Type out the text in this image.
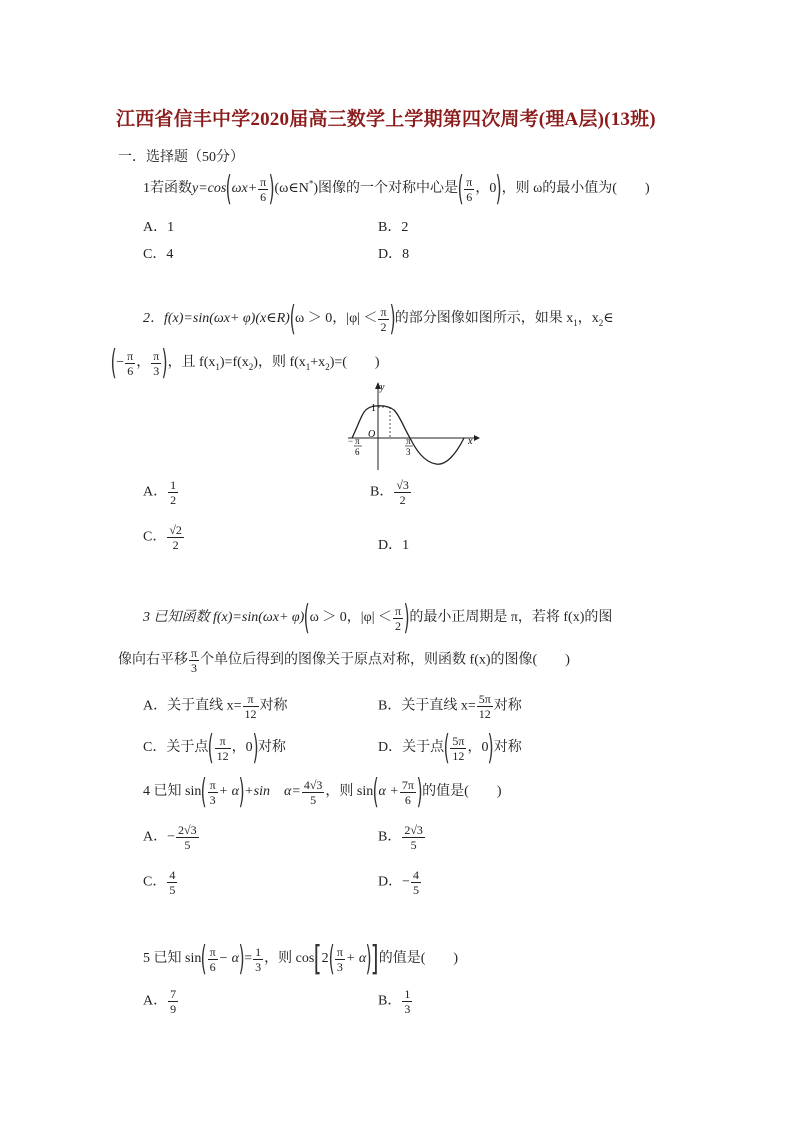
江西省信丰中学2020届高三数学上学期第四次周考(理A层)(13班)
一．选择题（50分）
1若函数$y=\cos(\omega x+ \frac{\pi}{6}$ )(ω∈N*)图像的一个对称中心是( $\frac{\pi}{6}$ ，0)，则 ω的最小值为(　　)
A．1	B．2
C．4	D．8
2．f(x)=sin(ωx+ φ)(x∈R)(ω ＞ 0，$|\varphi| < \frac{\pi}{2}$ )的部分图像如图所示，如果 $x_1$，$x_2\in$
(− $\frac{\pi}{6}$ ， $\frac{\pi}{3}$ )，且 $f(x_1)=f(x_2)$，则 $f(x_1+x_2)=$(　　)
y
x
1
O
− π
6
π
3
A． $\frac{1}{2}$	B． $\frac{√3}{2}$
C． $\frac{√2}{2}$	D．1
3 已知函数 f(x)=sin(ωx+ φ)(ω ＞ 0，$|\varphi| < \frac{\pi}{2}$ )的最小正周期是 π，若将 f(x)的图
像向右平移 $\frac{\pi}{3}$ 个单位后得到的图像关于原点对称，则函数 f(x)的图像(　　)
A．关于直线 $x= \frac{\pi}{12}$ 对称	B．关于直线 $x= \frac{5\pi}{12}$ 对称
C．关于点( $\frac{\pi}{12}$ ，0)对称	D．关于点( $\frac{5\pi}{12}$ ，0)对称
4 已知 $\sin( \frac{\pi}{3} + \alpha)+\sin$　$\alpha= \frac{4√3}{5}$ ，则 $\sin(\alpha + \frac{7\pi}{6}$ )的值是(　　)
A．− $\frac{2√3}{5}$	B． $\frac{2√3}{5}$
C． $\frac{4}{5}$	D．− $\frac{4}{5}$
5 已知 $\sin( \frac{\pi}{6} - \alpha)= \frac{1}{3}$ ，则 $\cos[2( \frac{\pi}{3} + \alpha)]$的值是(　　)
A． $\frac{7}{9}$	B． $\frac{1}{3}$
